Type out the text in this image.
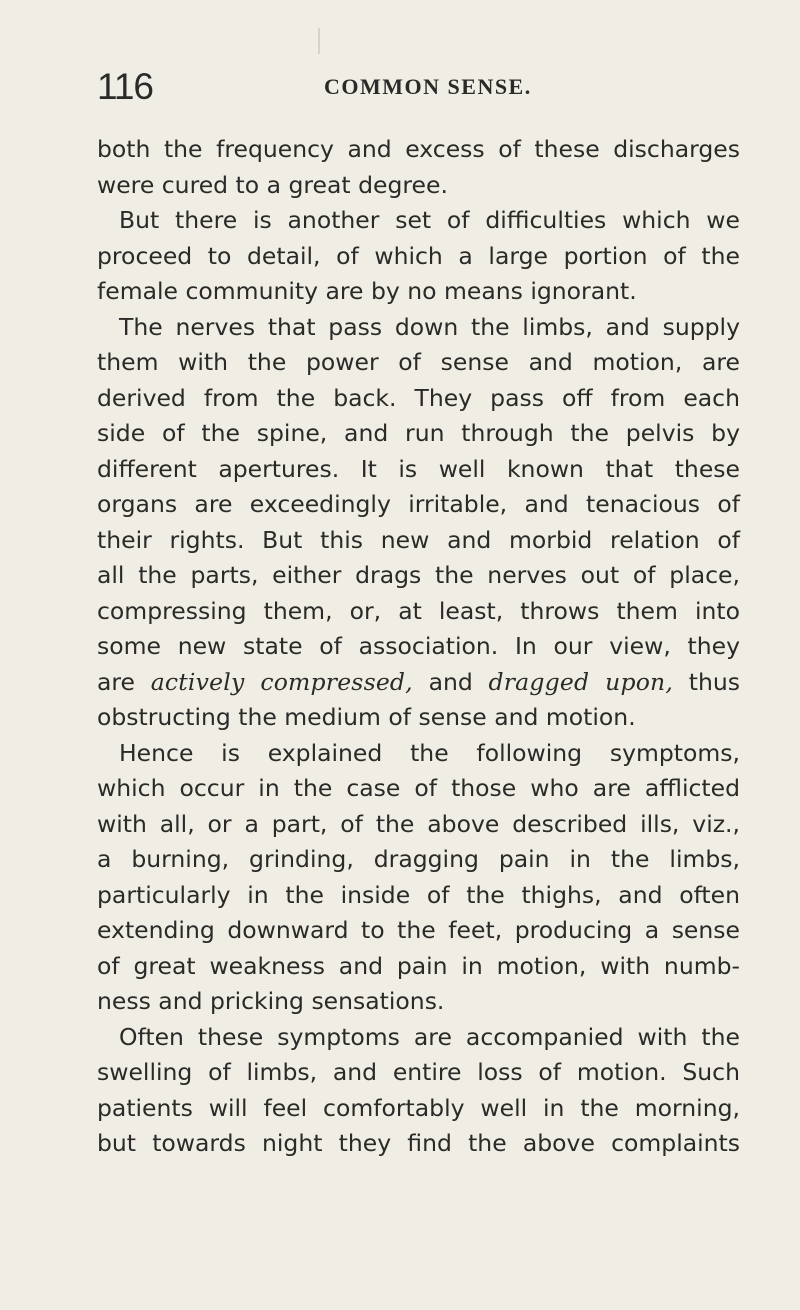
116	COMMON SENSE.
both the frequency and excess of these discharges
were cured to a great degree.
But there is another set of difficulties which we
proceed to detail, of which a large portion of the
female community are by no means ignorant.
The nerves that pass down the limbs, and supply
them with the power of sense and motion, are
derived from the back. They pass off from each
side of the spine, and run through the pelvis by
different apertures. It is well known that these
organs are exceedingly irritable, and tenacious of
their rights. But this new and morbid relation of
all the parts, either drags the nerves out of place,
compressing them, or, at least, throws them into
some new state of association. In our view, they
are actively compressed, and dragged upon, thus
obstructing the medium of sense and motion.
Hence is explained the following symptoms,
which occur in the case of those who are afflicted
with all, or a part, of the above described ills, viz.,
a burning, grinding, dragging pain in the limbs,
particularly in the inside of the thighs, and often
extending downward to the feet, producing a sense
of great weakness and pain in motion, with numb-
ness and pricking sensations.
Often these symptoms are accompanied with the
swelling of limbs, and entire loss of motion. Such
patients will feel comfortably well in the morning,
but towards night they find the above complaints
